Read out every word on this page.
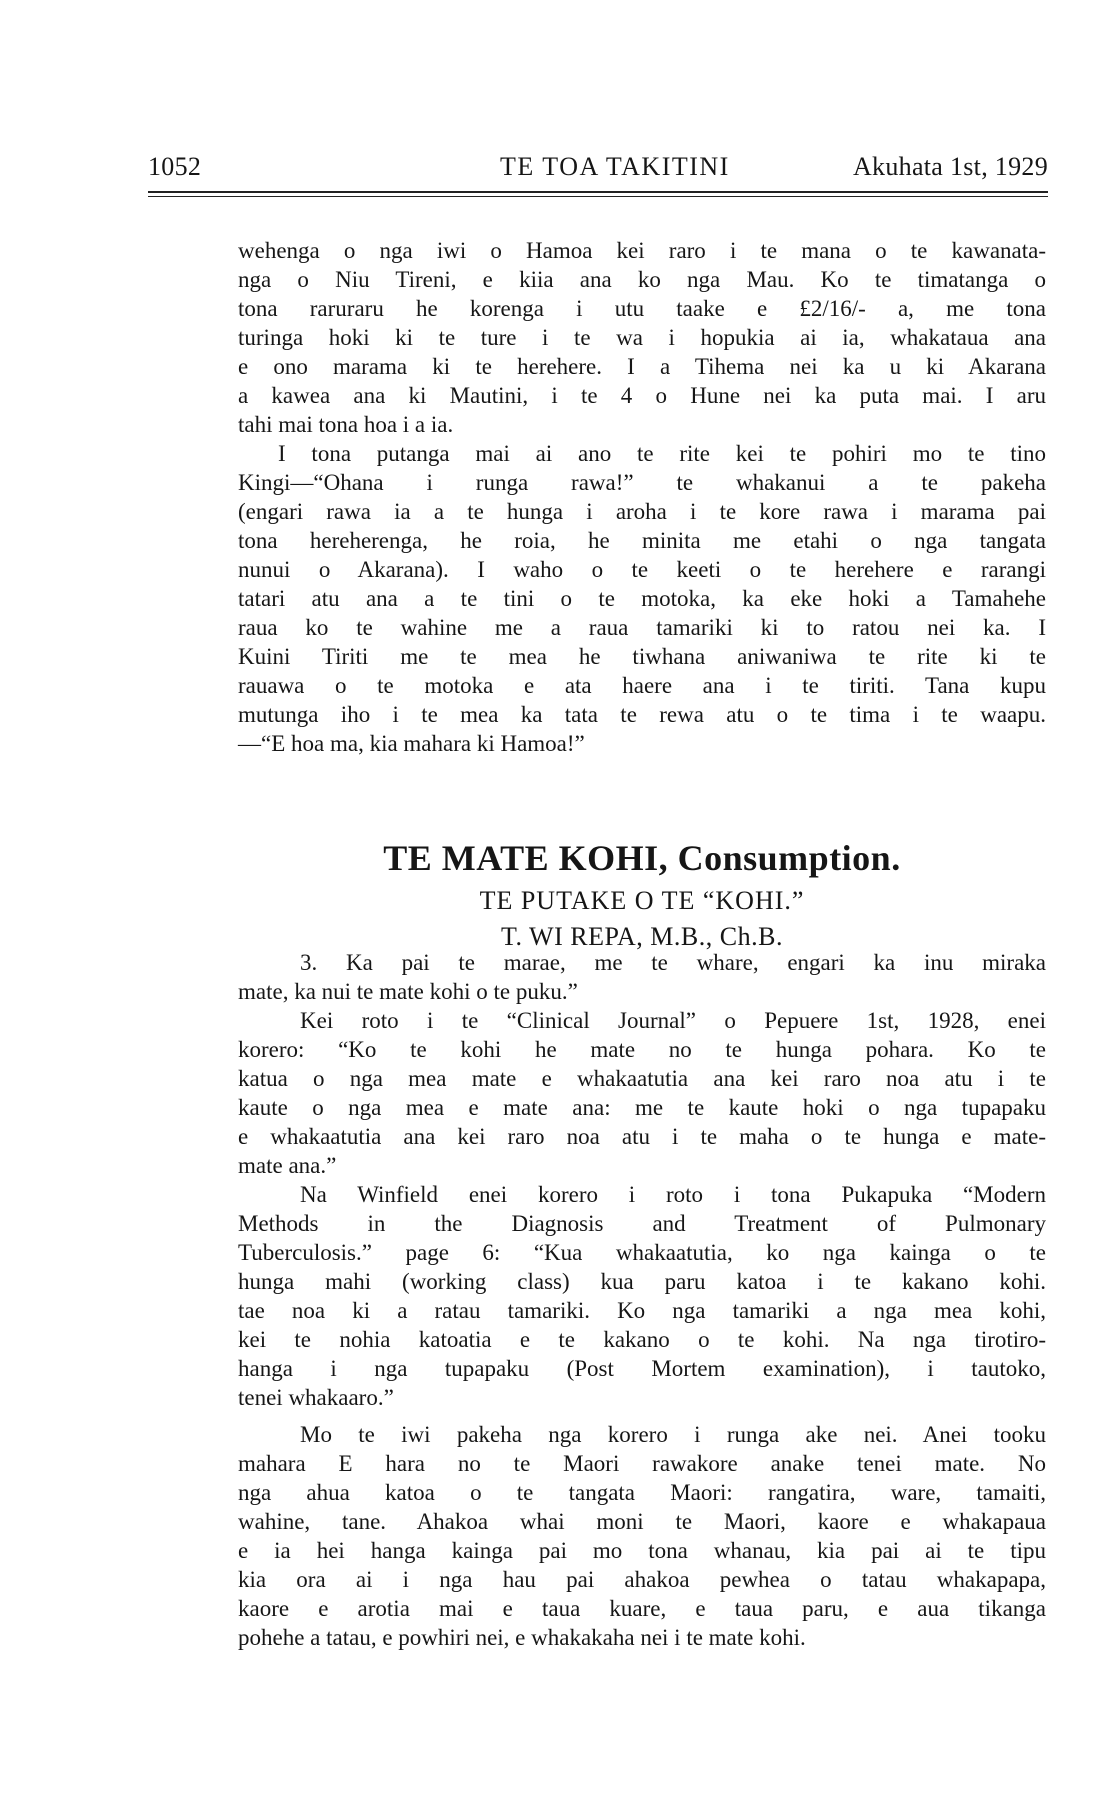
1052	TE TOA TAKITINI	Akuhata 1st, 1929
wehenga o nga iwi o Hamoa kei raro i te mana o te kawanata-
nga o Niu Tireni, e kiia ana ko nga Mau. Ko te timatanga o
tona raruraru he korenga i utu taake e £2/16/- a, me tona
turinga hoki ki te ture i te wa i hopukia ai ia, whakataua ana
e ono marama ki te herehere. I a Tihema nei ka u ki Akarana
a kawea ana ki Mautini, i te 4 o Hune nei ka puta mai. I aru
tahi mai tona hoa i a ia.
I tona putanga mai ai ano te rite kei te pohiri mo te tino
Kingi—“Ohana i runga rawa!” te whakanui a te pakeha
(engari rawa ia a te hunga i aroha i te kore rawa i marama pai
tona hereherenga, he roia, he minita me etahi o nga tangata
nunui o Akarana). I waho o te keeti o te herehere e rarangi
tatari atu ana a te tini o te motoka, ka eke hoki a Tamahehe
raua ko te wahine me a raua tamariki ki to ratou nei ka. I
Kuini Tiriti me te mea he tiwhana aniwaniwa te rite ki te
rauawa o te motoka e ata haere ana i te tiriti. Tana kupu
mutunga iho i te mea ka tata te rewa atu o te tima i te waapu.
—“E hoa ma, kia mahara ki Hamoa!”
TE MATE KOHI, Consumption.
TE PUTAKE O TE “KOHI.”
T. WI REPA, M.B., Ch.B.
3. Ka pai te marae, me te whare, engari ka inu miraka
mate, ka nui te mate kohi o te puku.”
Kei roto i te “Clinical Journal” o Pepuere 1st, 1928, enei
korero: “Ko te kohi he mate no te hunga pohara. Ko te
katua o nga mea mate e whakaatutia ana kei raro noa atu i te
kaute o nga mea e mate ana: me te kaute hoki o nga tupapaku
e whakaatutia ana kei raro noa atu i te maha o te hunga e mate-
mate ana.”
Na Winfield enei korero i roto i tona Pukapuka “Modern
Methods in the Diagnosis and Treatment of Pulmonary
Tuberculosis.” page 6: “Kua whakaatutia, ko nga kainga o te
hunga mahi (working class) kua paru katoa i te kakano kohi.
tae noa ki a ratau tamariki. Ko nga tamariki a nga mea kohi,
kei te nohia katoatia e te kakano o te kohi. Na nga tirotiro-
hanga i nga tupapaku (Post Mortem examination), i tautoko,
tenei whakaaro.”
Mo te iwi pakeha nga korero i runga ake nei. Anei tooku
mahara E hara no te Maori rawakore anake tenei mate. No
nga ahua katoa o te tangata Maori: rangatira, ware, tamaiti,
wahine, tane. Ahakoa whai moni te Maori, kaore e whakapaua
e ia hei hanga kainga pai mo tona whanau, kia pai ai te tipu
kia ora ai i nga hau pai ahakoa pewhea o tatau whakapapa,
kaore e arotia mai e taua kuare, e taua paru, e aua tikanga
pohehe a tatau, e powhiri nei, e whakakaha nei i te mate kohi.
